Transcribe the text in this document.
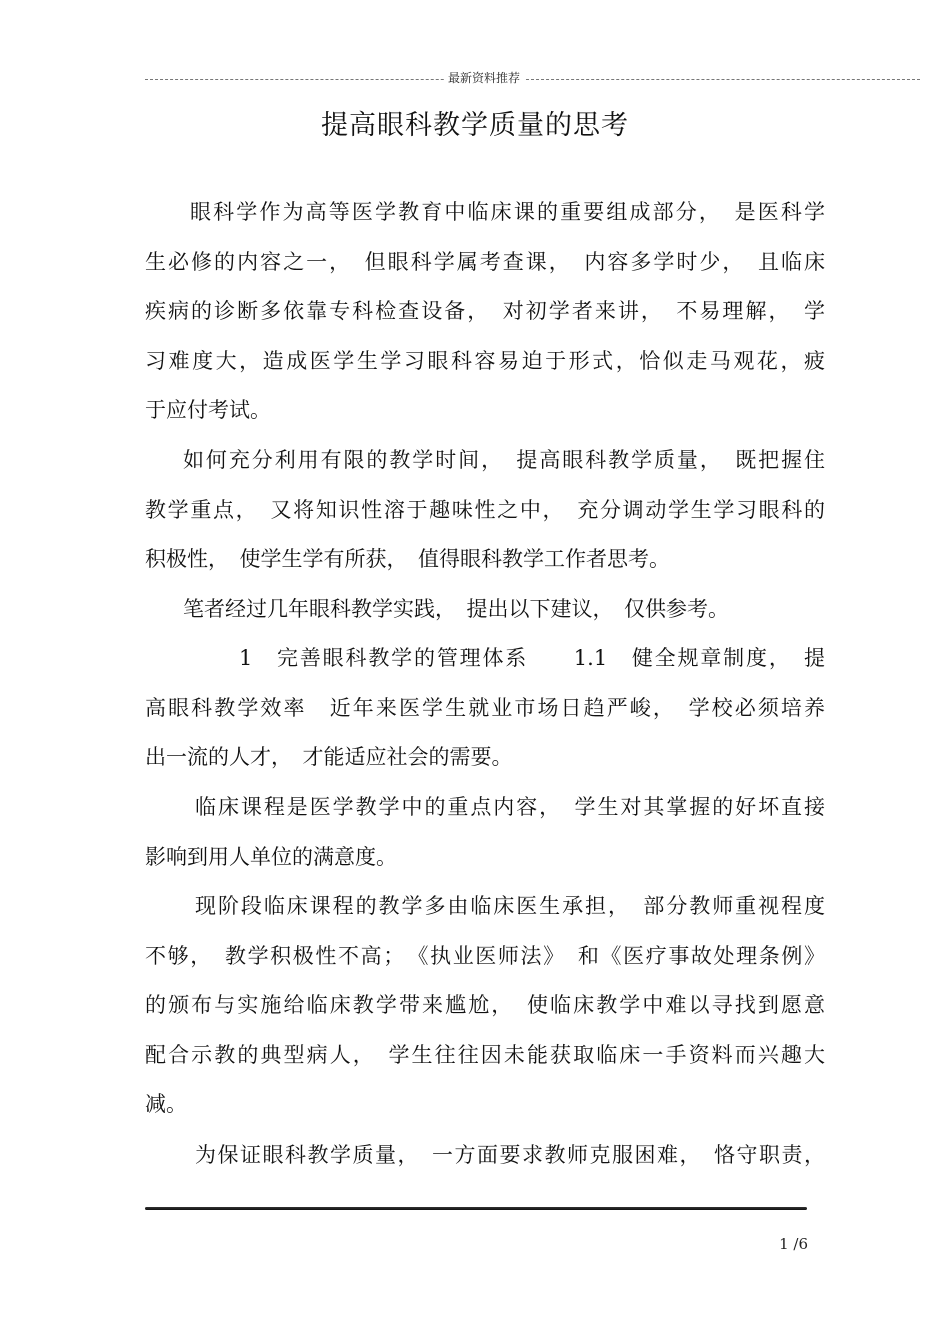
最新资料推荐
提高眼科教学质量的思考
眼科学作为高等医学教育中临床课的重要组成部分，　是医科学
生必修的内容之一，　但眼科学属考查课，　内容多学时少，　且临床
疾病的诊断多依靠专科检查设备，　对初学者来讲，　不易理解，　学
习难度大，造成医学生学习眼科容易迫于形式，恰似走马观花，疲
于应付考试。
如何充分利用有限的教学时间，　提高眼科教学质量，　既把握住
教学重点，　又将知识性溶于趣味性之中，　充分调动学生学习眼科的
积极性，　使学生学有所获，　值得眼科教学工作者思考。
笔者经过几年眼科教学实践，　提出以下建议，　仅供参考。
1　完善眼科教学的管理体系　　1.1　健全规章制度，　提
高眼科教学效率　近年来医学生就业市场日趋严峻，　学校必须培养
出一流的人才，　才能适应社会的需要。
临床课程是医学教学中的重点内容，　学生对其掌握的好坏直接
影响到用人单位的满意度。
现阶段临床课程的教学多由临床医生承担，　部分教师重视程度
不够，　教学积极性不高；　《执业医师法》　和《医疗事故处理条例》
的颁布与实施给临床教学带来尴尬，　使临床教学中难以寻找到愿意
配合示教的典型病人，　学生往往因未能获取临床一手资料而兴趣大
减。
为保证眼科教学质量，　一方面要求教师克服困难，　恪守职责，
1 /6
